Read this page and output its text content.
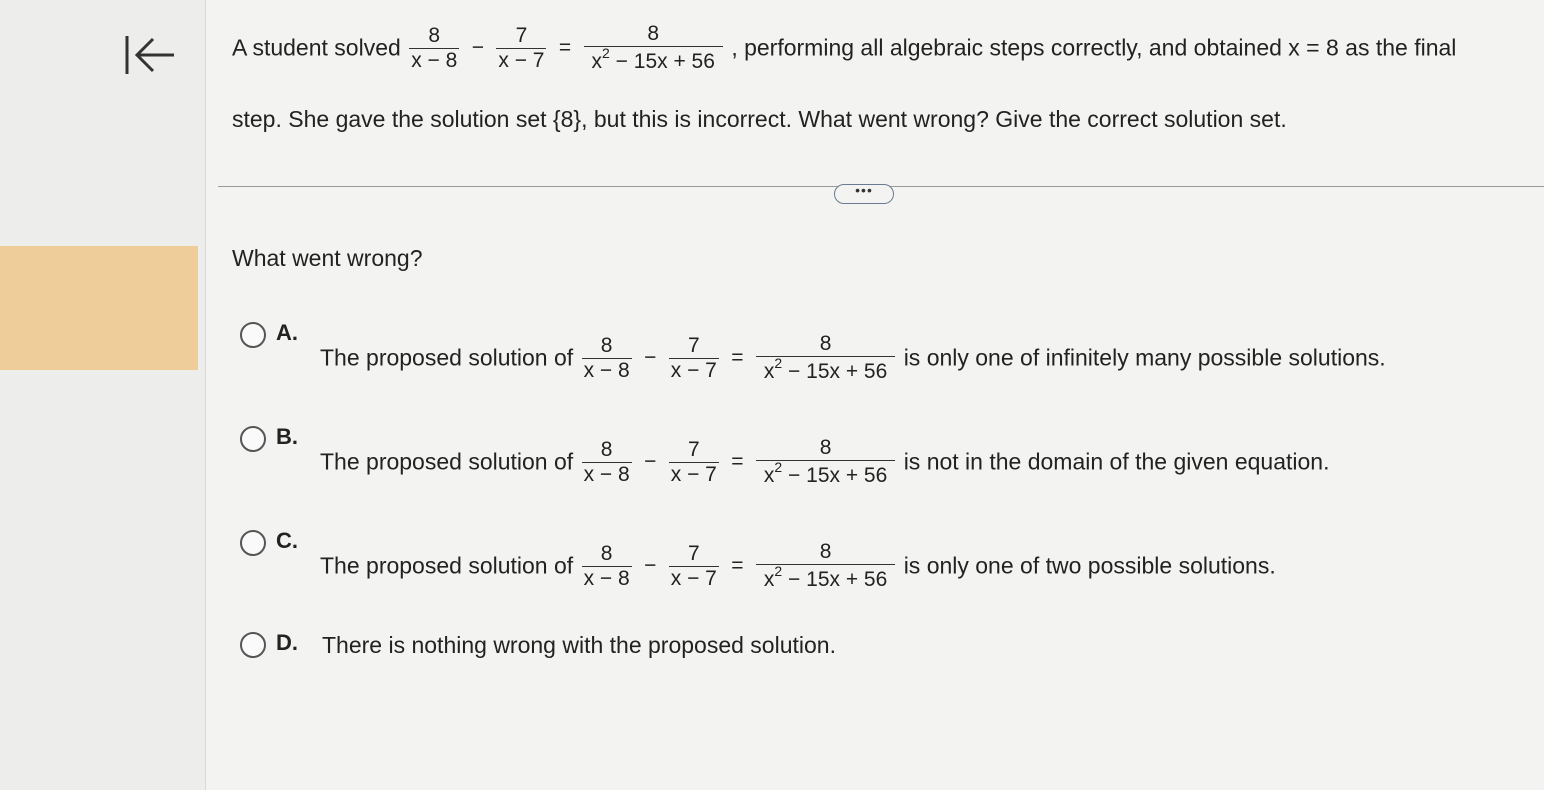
A student solved $\frac{8}{x - 8} - \frac{7}{x - 7} = \frac{8}{x^2 - 15x + 56}$ , performing all algebraic steps correctly, and obtained x = 8 as the final
step. She gave the solution set {8}, but this is incorrect. What went wrong? Give the correct solution set.
•••
What went wrong?
A.
The proposed solution of $\frac{8}{x - 8} - \frac{7}{x - 7} = \frac{8}{x^2 - 15x + 56}$ is only one of infinitely many possible solutions.
B.
The proposed solution of $\frac{8}{x - 8} - \frac{7}{x - 7} = \frac{8}{x^2 - 15x + 56}$ is not in the domain of the given equation.
C.
The proposed solution of $\frac{8}{x - 8} - \frac{7}{x - 7} = \frac{8}{x^2 - 15x + 56}$ is only one of two possible solutions.
D. There is nothing wrong with the proposed solution.
